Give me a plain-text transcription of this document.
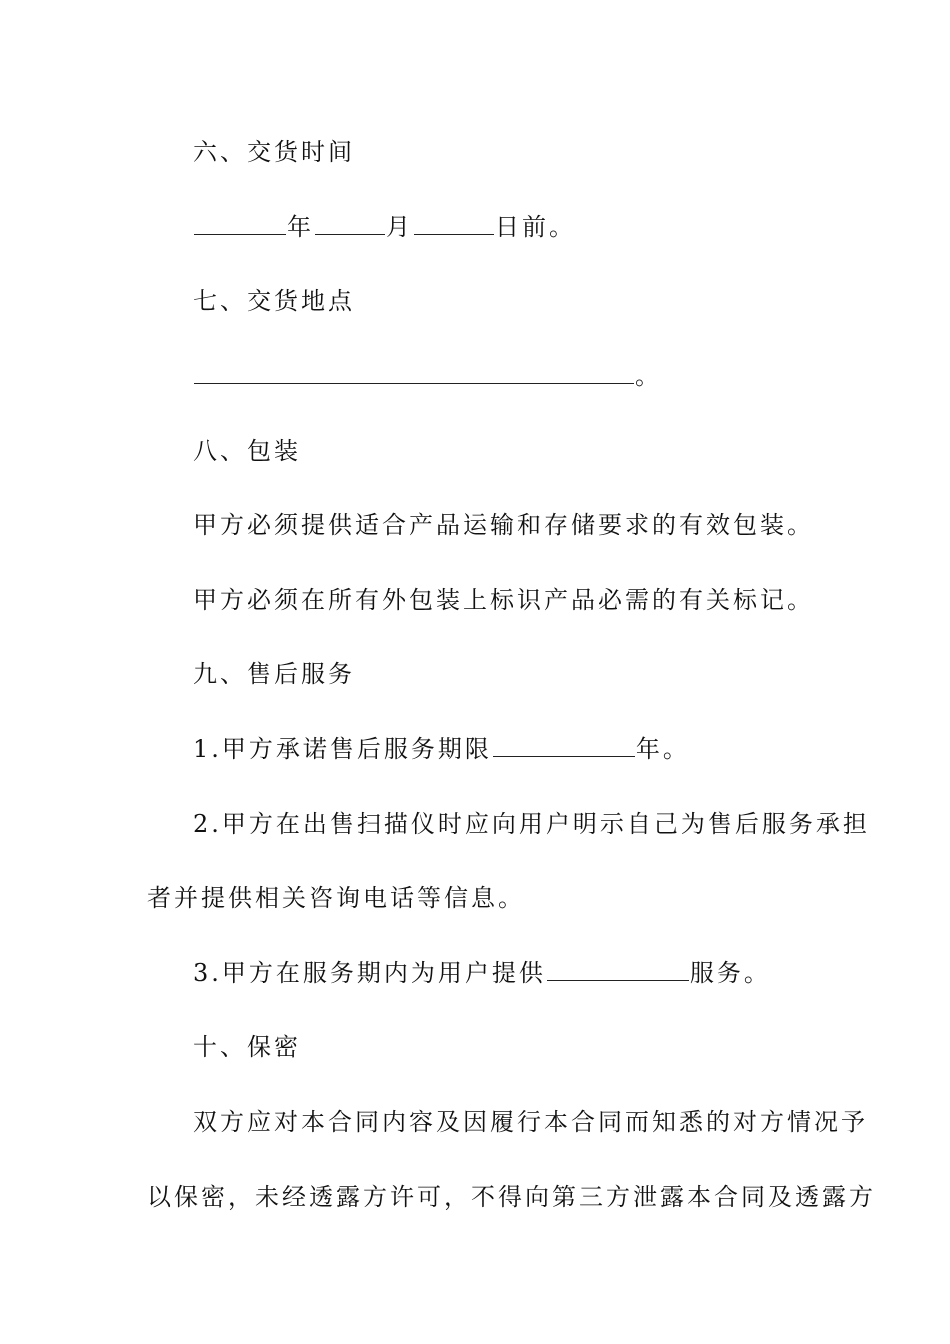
六、交货时间
年	月	日前。
七、交货地点
。
八、包装
甲方必须提供适合产品运输和存储要求的有效包装。
甲方必须在所有外包装上标识产品必需的有关标记。
九、售后服务
1.甲方承诺售后服务期限	年。
2.甲方在出售扫描仪时应向用户明示自己为售后服务承担
者并提供相关咨询电话等信息。
3.甲方在服务期内为用户提供	服务。
十、保密
双方应对本合同内容及因履行本合同而知悉的对方情况予
以保密，未经透露方许可，不得向第三方泄露本合同及透露方
